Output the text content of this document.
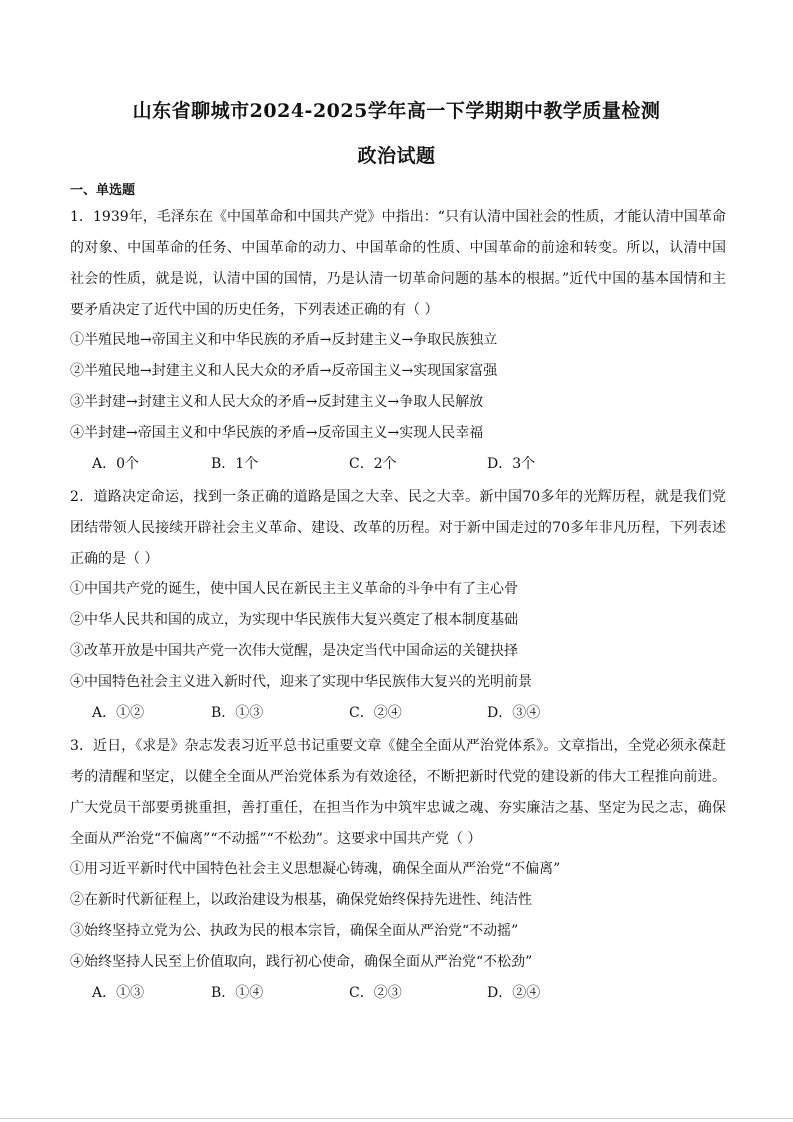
山东省聊城市2024-2025学年高一下学期期中教学质量检测
政治试题
一、单选题
1．1939年，毛泽东在《中国革命和中国共产党》中指出：“只有认清中国社会的性质，才能认清中国革命的对象、中国革命的任务、中国革命的动力、中国革命的性质、中国革命的前途和转变。所以，认清中国社会的性质，就是说，认清中国的国情，乃是认清一切革命问题的基本的根据。”近代中国的基本国情和主要矛盾决定了近代中国的历史任务，下列表述正确的有（ ）
①半殖民地→帝国主义和中华民族的矛盾→反封建主义→争取民族独立
②半殖民地→封建主义和人民大众的矛盾→反帝国主义→实现国家富强
③半封建→封建主义和人民大众的矛盾→反封建主义→争取人民解放
④半封建→帝国主义和中华民族的矛盾→反帝国主义→实现人民幸福
A．0个	B．1个	C．2个	D．3个
2．道路决定命运，找到一条正确的道路是国之大幸、民之大幸。新中国70多年的光辉历程，就是我们党团结带领人民接续开辟社会主义革命、建设、改革的历程。对于新中国走过的70多年非凡历程，下列表述正确的是（ ）
①中国共产党的诞生，使中国人民在新民主主义革命的斗争中有了主心骨
②中华人民共和国的成立，为实现中华民族伟大复兴奠定了根本制度基础
③改革开放是中国共产党一次伟大觉醒，是决定当代中国命运的关键抉择
④中国特色社会主义进入新时代，迎来了实现中华民族伟大复兴的光明前景
A．①②	B．①③	C．②④	D．③④
3．近日，《求是》杂志发表习近平总书记重要文章《健全全面从严治党体系》。文章指出，全党必须永葆赶考的清醒和坚定，以健全全面从严治党体系为有效途径，不断把新时代党的建设新的伟大工程推向前进。广大党员干部要勇挑重担，善打重任，在担当作为中筑牢忠诚之魂、夯实廉洁之基、坚定为民之志，确保全面从严治党“不偏离”“不动摇”“不松劲”。这要求中国共产党（ ）
①用习近平新时代中国特色社会主义思想凝心铸魂，确保全面从严治党“不偏离”
②在新时代新征程上，以政治建设为根基，确保党始终保持先进性、纯洁性
③始终坚持立党为公、执政为民的根本宗旨，确保全面从严治党“不动摇”
④始终坚持人民至上价值取向，践行初心使命，确保全面从严治党“不松劲”
A．①③	B．①④	C．②③	D．②④
